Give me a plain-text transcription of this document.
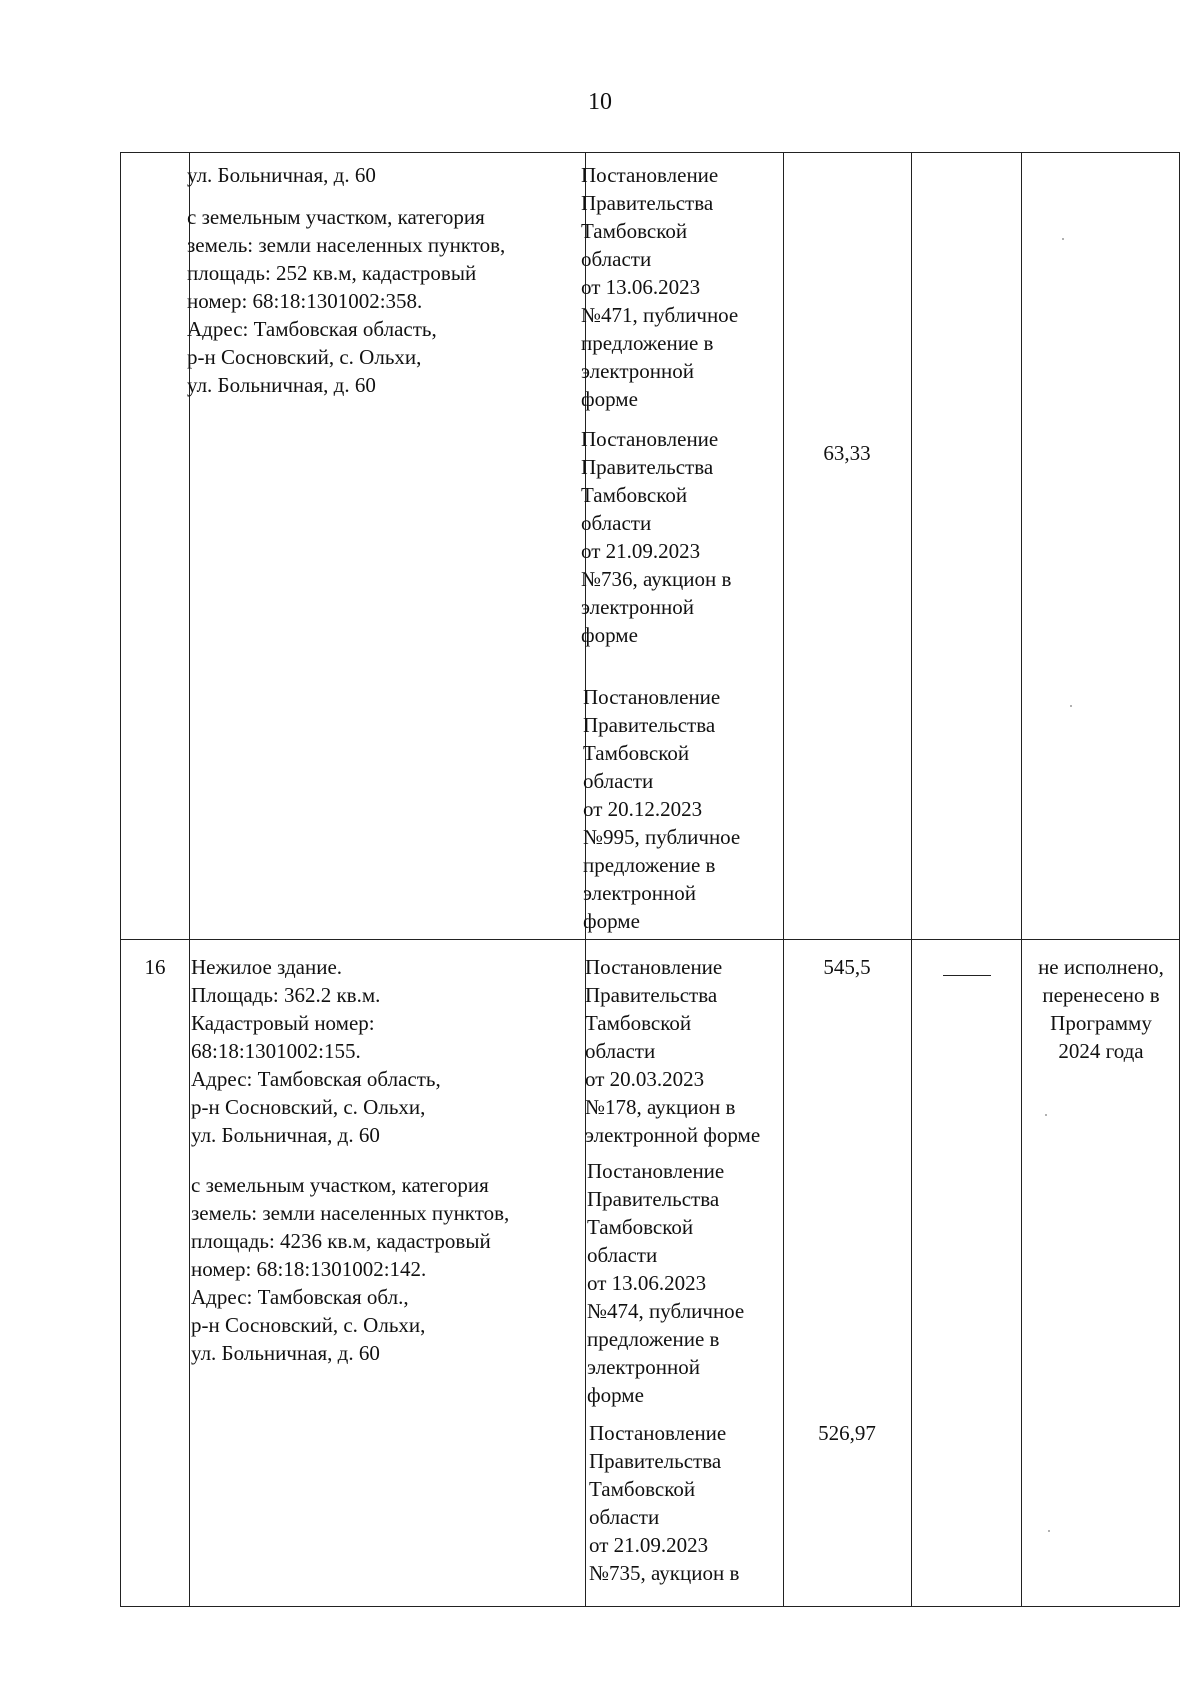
10
ул. Больничная, д. 60
с земельным участком, категория
земель: земли населенных пунктов,
площадь: 252 кв.м, кадастровый
номер: 68:18:1301002:358.
Адрес: Тамбовская область,
р-н Сосновский, с. Ольхи,
ул. Больничная, д. 60
Постановление
Правительства
Тамбовской
области
от 13.06.2023
№471, публичное
предложение в
электронной
форме
Постановление
Правительства
Тамбовской
области
от 21.09.2023
№736, аукцион в
электронной
форме
Постановление
Правительства
Тамбовской
области
от 20.12.2023
№995, публичное
предложение в
электронной
форме
63,33
16	Нежилое здание.
Площадь: 362.2 кв.м.
Кадастровый номер:
68:18:1301002:155.
Адрес: Тамбовская область,
р-н Сосновский, с. Ольхи,
ул. Больничная, д. 60
с земельным участком, категория
земель: земли населенных пунктов,
площадь: 4236 кв.м, кадастровый
номер: 68:18:1301002:142.
Адрес: Тамбовская обл.,
р-н Сосновский, с. Ольхи,
ул. Больничная, д. 60
Постановление
Правительства
Тамбовской
области
от 20.03.2023
№178, аукцион в
электронной форме
Постановление
Правительства
Тамбовской
области
от 13.06.2023
№474, публичное
предложение в
электронной
форме
Постановление
Правительства
Тамбовской
области
от 21.09.2023
№735, аукцион в
545,5
526,97
не исполнено,
перенесено в
Программу
2024 года
